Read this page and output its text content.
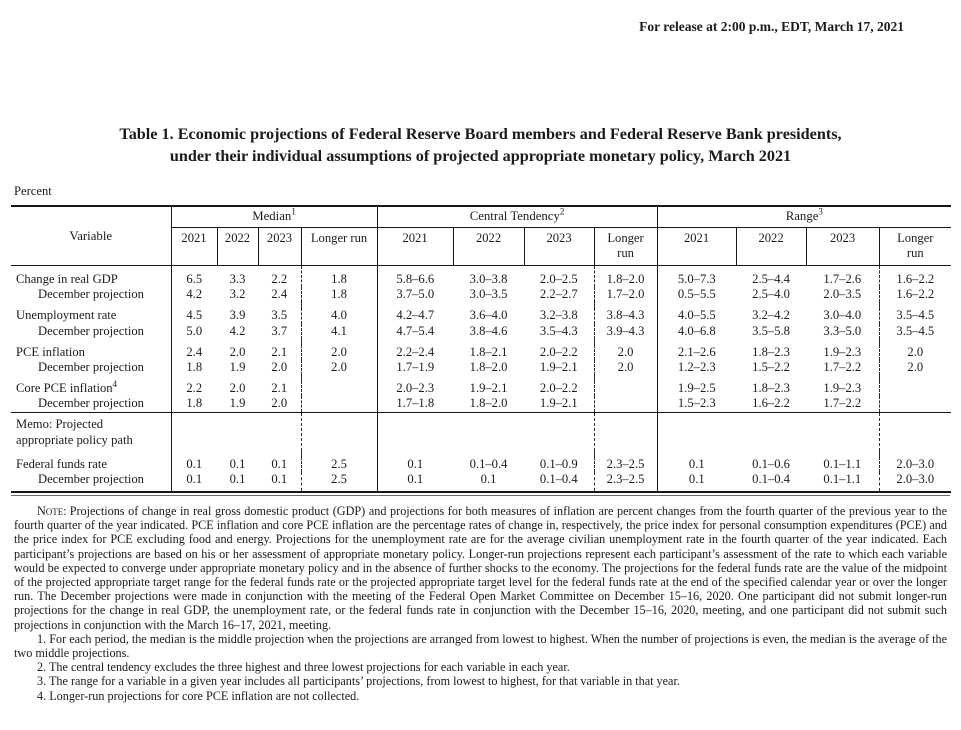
For release at 2:00 p.m., EDT, March 17, 2021
Table 1. Economic projections of Federal Reserve Board members and Federal Reserve Bank presidents,
under their individual assumptions of projected appropriate monetary policy, March 2021
Percent
Variable	Median$^1$				Central Tendency$^2$				Range$^3$
	2021	2022	2023	Longer run	2021	2022	2023	Longer run	2021	2022	2023	Longer run
Change in real GDP	6.5	3.3	2.2	1.8	5.8–6.6	3.0–3.8	2.0–2.5	1.8–2.0	5.0–7.3	2.5–4.4	1.7–2.6	1.6–2.2
December projection	4.2	3.2	2.4	1.8	3.7–5.0	3.0–3.5	2.2–2.7	1.7–2.0	0.5–5.5	2.5–4.0	2.0–3.5	1.6–2.2

Unemployment rate	4.5	3.9	3.5	4.0	4.2–4.7	3.6–4.0	3.2–3.8	3.8–4.3	4.0–5.5	3.2–4.2	3.0–4.0	3.5–4.5
December projection	5.0	4.2	3.7	4.1	4.7–5.4	3.8–4.6	3.5–4.3	3.9–4.3	4.0–6.8	3.5–5.8	3.3–5.0	3.5–4.5

PCE inflation	2.4	2.0	2.1	2.0	2.2–2.4	1.8–2.1	2.0–2.2	2.0	2.1–2.6	1.8–2.3	1.9–2.3	2.0
December projection	1.8	1.9	2.0	2.0	1.7–1.9	1.8–2.0	1.9–2.1	2.0	1.2–2.3	1.5–2.2	1.7–2.2	2.0

Core PCE inflation$^4$	2.2	2.0	2.1		2.0–2.3	1.9–2.1	2.0–2.2		1.9–2.5	1.8–2.3	1.9–2.3	
December projection	1.8	1.9	2.0		1.7–1.8	1.8–2.0	1.9–2.1		1.5–2.3	1.6–2.2	1.7–2.2	

Memo: Projected
appropriate policy path												

Federal funds rate	0.1	0.1	0.1	2.5	0.1	0.1–0.4	0.1–0.9	2.3–2.5	0.1	0.1–0.6	0.1–1.1	2.0–3.0
December projection	0.1	0.1	0.1	2.5	0.1	0.1	0.1–0.4	2.3–2.5	0.1	0.1–0.4	0.1–1.1	2.0–3.0

Note: Projections of change in real gross domestic product (GDP) and projections for both measures of inflation are percent changes from the fourth quarter of the previous year to the fourth quarter of the year indicated. PCE inflation and core PCE inflation are the percentage rates of change in, respectively, the price index for personal consumption expenditures (PCE) and the price index for PCE excluding food and energy. Projections for the unemployment rate are for the average civilian unemployment rate in the fourth quarter of the year indicated. Each participant’s projections are based on his or her assessment of appropriate monetary policy. Longer-run projections represent each participant’s assessment of the rate to which each variable would be expected to converge under appropriate monetary policy and in the absence of further shocks to the economy. The projections for the federal funds rate are the value of the midpoint of the projected appropriate target range for the federal funds rate or the projected appropriate target level for the federal funds rate at the end of the specified calendar year or over the longer run. The December projections were made in conjunction with the meeting of the Federal Open Market Committee on December 15–16, 2020. One participant did not submit longer-run projections for the change in real GDP, the unemployment rate, or the federal funds rate in conjunction with the December 15–16, 2020, meeting, and one participant did not submit such projections in conjunction with the March 16–17, 2021, meeting.

1. For each period, the median is the middle projection when the projections are arranged from lowest to highest. When the number of projections is even, the median is the average of the two middle projections.

2. The central tendency excludes the three highest and three lowest projections for each variable in each year.

3. The range for a variable in a given year includes all participants’ projections, from lowest to highest, for that variable in that year.

4. Longer-run projections for core PCE inflation are not collected.
